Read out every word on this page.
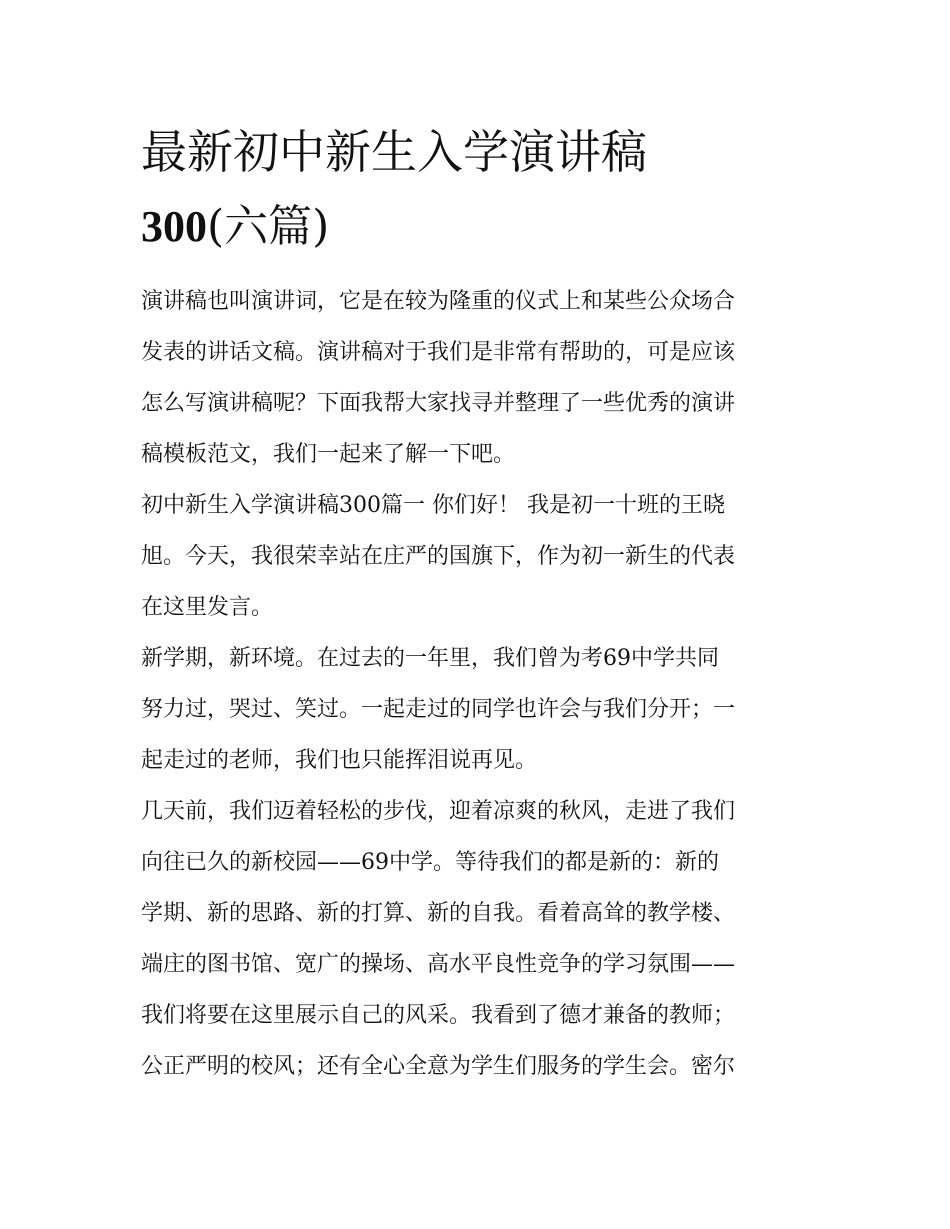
最新初中新生入学演讲稿
300(六篇)

演讲稿也叫演讲词，它是在较为隆重的仪式上和某些公众场合
发表的讲话文稿。演讲稿对于我们是非常有帮助的，可是应该
怎么写演讲稿呢？下面我帮大家找寻并整理了一些优秀的演讲
稿模板范文，我们一起来了解一下吧。

初中新生入学演讲稿300篇一 你们好！ 我是初一十班的王晓
旭。今天，我很荣幸站在庄严的国旗下，作为初一新生的代表
在这里发言。

新学期，新环境。在过去的一年里，我们曾为考69中学共同
努力过，哭过、笑过。一起走过的同学也许会与我们分开；一
起走过的老师，我们也只能挥泪说再见。

几天前，我们迈着轻松的步伐，迎着凉爽的秋风，走进了我们
向往已久的新校园——69中学。等待我们的都是新的：新的
学期、新的思路、新的打算、新的自我。看着高耸的教学楼、
端庄的图书馆、宽广的操场、高水平良性竞争的学习氛围——
我们将要在这里展示自己的风采。我看到了德才兼备的教师；
公正严明的校风；还有全心全意为学生们服务的学生会。密尔
